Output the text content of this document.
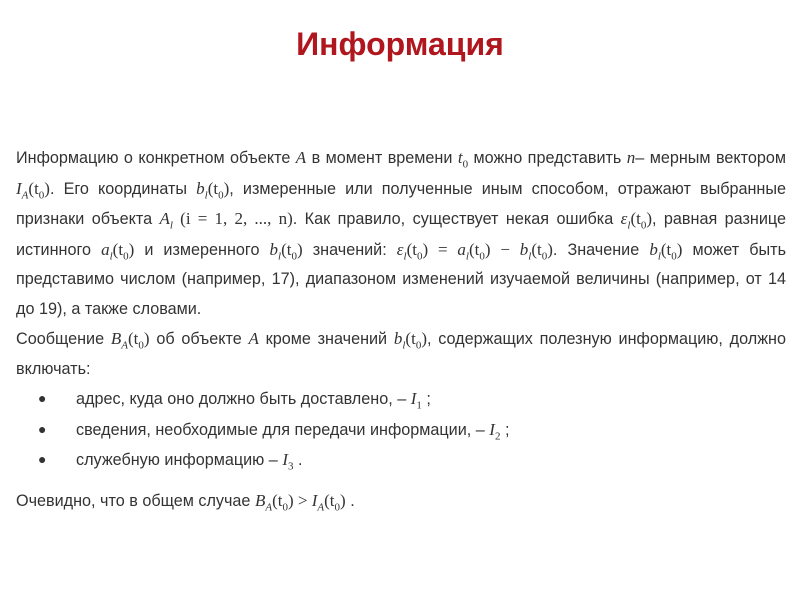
Информация

Информацию о конкретном объекте A в момент времени $t_0$ можно представить n– мерным вектором $I_A(t_0)$. Его координаты $b_l(t_0)$, измеренные или полученные иным способом, отражают выбранные признаки объекта $A_l$ (i = 1, 2, ..., n). Как правило, существует некая ошибка $\varepsilon_l(t_0)$, равная разнице истинного $a_l(t_0)$ и измеренного $b_l(t_0)$ значений: $\varepsilon_l(t_0) = a_l(t_0) - b_l(t_0)$. Значение $b_l(t_0)$ может быть представимо числом (например, 17), диапазоном изменений изучаемой величины (например, от 14 до 19), а также словами.

Сообщение $B_A(t_0)$ об объекте A кроме значений $b_l(t_0)$, содержащих полезную информацию, должно включать:

● адрес, куда оно должно быть доставлено, – $I_1$ ;
● сведения, необходимые для передачи информации, – $I_2$ ;
● служебную информацию – $I_3$ .

Очевидно, что в общем случае $B_A(t_0) > I_A(t_0)$ .
